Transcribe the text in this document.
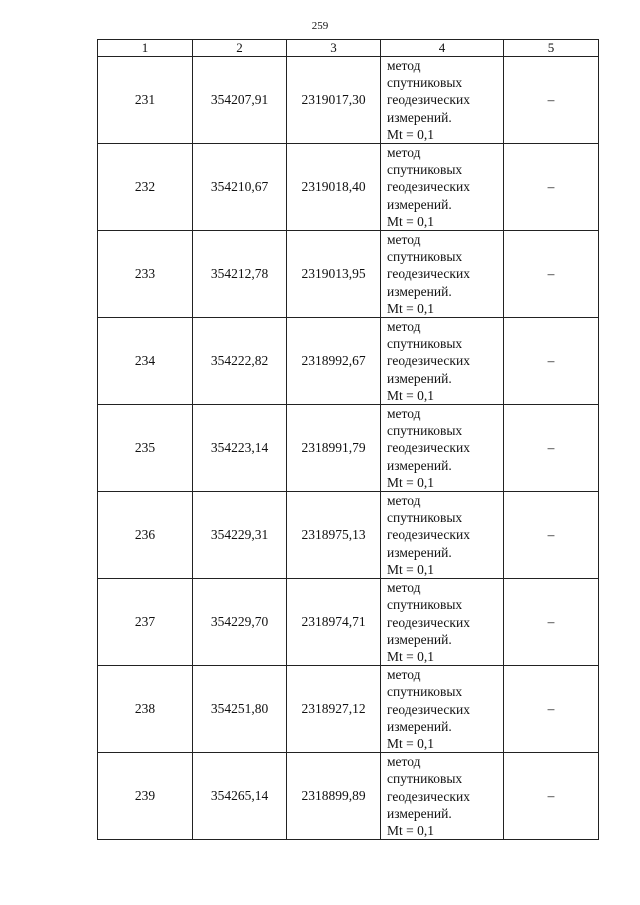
259
1	2	3	4	5
231	354207,91	2319017,30	метод
спутниковых
геодезических
измерений.
Mt = 0,1	–
232	354210,67	2319018,40	метод
спутниковых
геодезических
измерений.
Mt = 0,1	–
233	354212,78	2319013,95	метод
спутниковых
геодезических
измерений.
Mt = 0,1	–
234	354222,82	2318992,67	метод
спутниковых
геодезических
измерений.
Mt = 0,1	–
235	354223,14	2318991,79	метод
спутниковых
геодезических
измерений.
Mt = 0,1	–
236	354229,31	2318975,13	метод
спутниковых
геодезических
измерений.
Mt = 0,1	–
237	354229,70	2318974,71	метод
спутниковых
геодезических
измерений.
Mt = 0,1	–
238	354251,80	2318927,12	метод
спутниковых
геодезических
измерений.
Mt = 0,1	–
239	354265,14	2318899,89	метод
спутниковых
геодезических
измерений.
Mt = 0,1	–
